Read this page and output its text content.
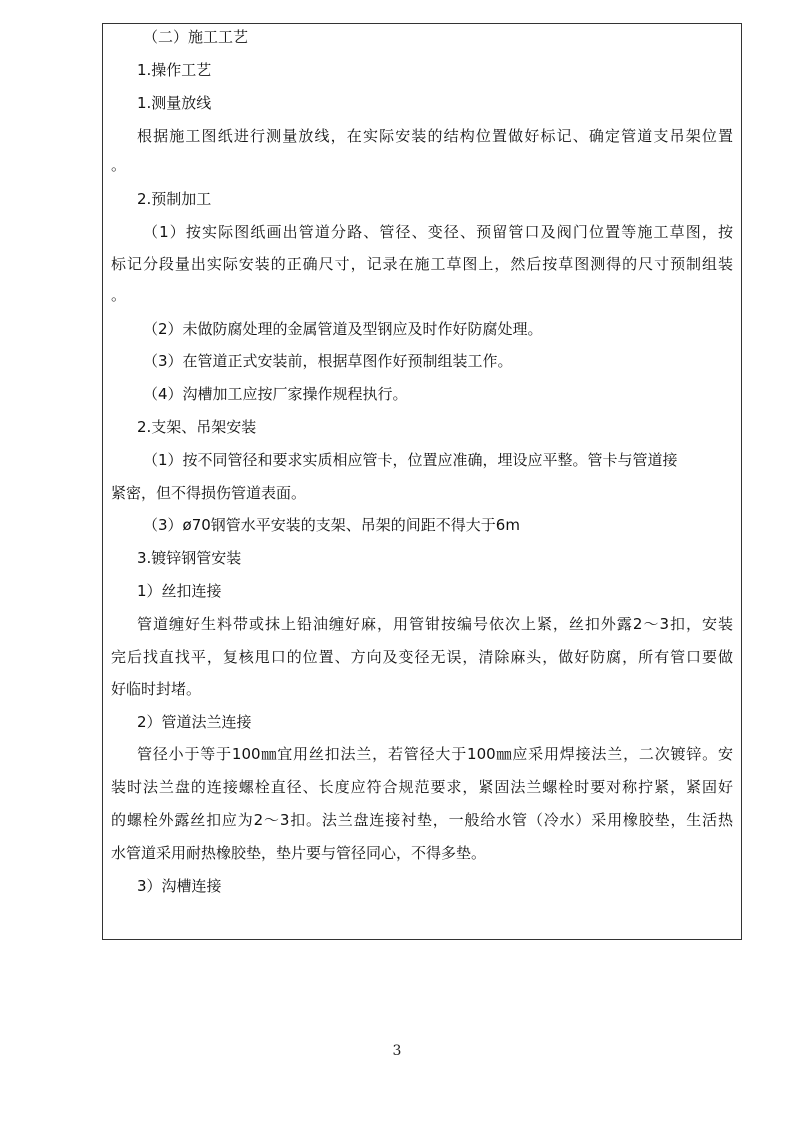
（二）施工工艺
1.操作工艺
1.测量放线
根据施工图纸进行测量放线，在实际安装的结构位置做好标记、确定管道支吊架位置
。
2.预制加工
（1）按实际图纸画出管道分路、管径、变径、预留管口及阀门位置等施工草图，按
标记分段量出实际安装的正确尺寸，记录在施工草图上，然后按草图测得的尺寸预制组装
。
（2）未做防腐处理的金属管道及型钢应及时作好防腐处理。
（3）在管道正式安装前，根据草图作好预制组装工作。
（4）沟槽加工应按厂家操作规程执行。
2.支架、吊架安装
（1）按不同管径和要求实质相应管卡，位置应准确，埋设应平整。管卡与管道接
紧密，但不得损伤管道表面。
（3）ø70钢管水平安装的支架、吊架的间距不得大于6m
3.镀锌钢管安装
1）丝扣连接
管道缠好生料带或抹上铅油缠好麻，用管钳按编号依次上紧，丝扣外露2～3扣，安装
完后找直找平，复核甩口的位置、方向及变径无误，清除麻头，做好防腐，所有管口要做
好临时封堵。
2）管道法兰连接
管径小于等于100㎜宜用丝扣法兰，若管径大于100㎜应采用焊接法兰，二次镀锌。安
装时法兰盘的连接螺栓直径、长度应符合规范要求，紧固法兰螺栓时要对称拧紧，紧固好
的螺栓外露丝扣应为2～3扣。法兰盘连接衬垫，一般给水管（冷水）采用橡胶垫，生活热
水管道采用耐热橡胶垫，垫片要与管径同心，不得多垫。
3）沟槽连接
3
